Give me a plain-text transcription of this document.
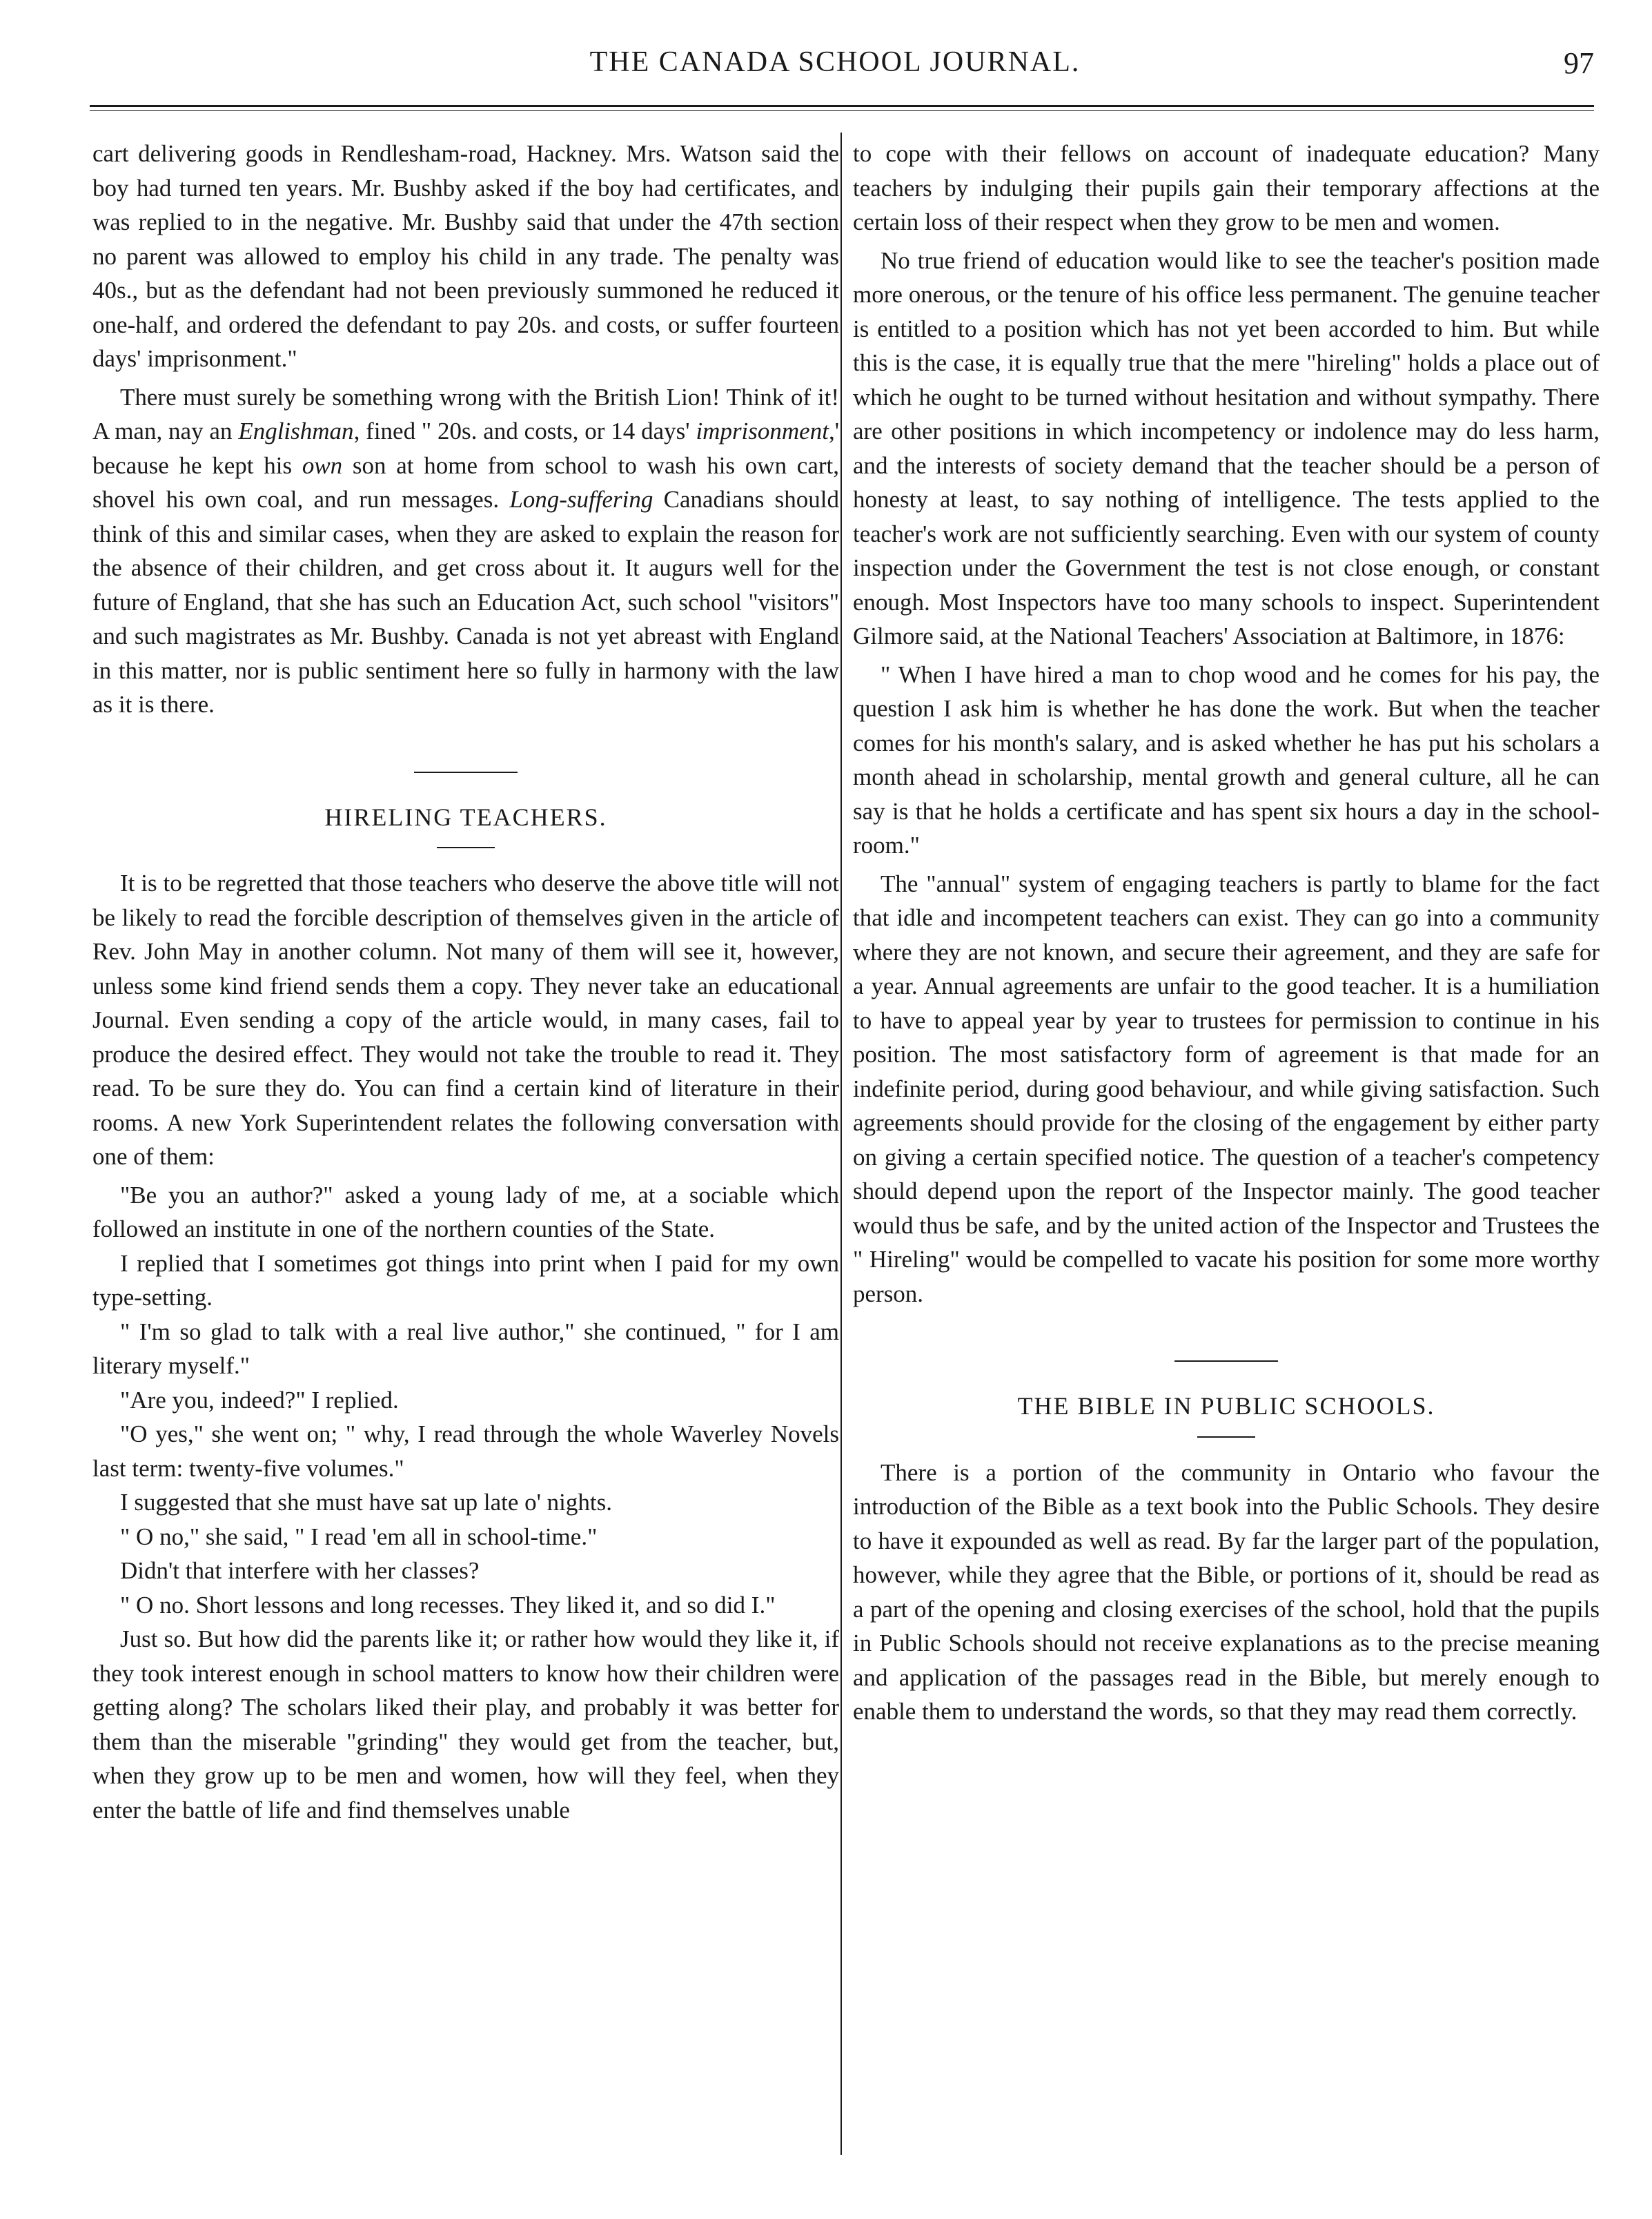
THE CANADA SCHOOL JOURNAL.	97

cart delivering goods in Rendlesham-road, Hackney. Mrs. Watson said the boy had turned ten years. Mr. Bushby asked if the boy had certificates, and was replied to in the negative. Mr. Bushby said that under the 47th section no parent was allowed to employ his child in any trade. The penalty was 40s., but as the defendant had not been previously summoned he reduced it one-half, and ordered the defendant to pay 20s. and costs, or suffer fourteen days' imprisonment."

There must surely be something wrong with the British Lion! Think of it! A man, nay an Englishman, fined " 20s. and costs, or 14 days' imprisonment,' because he kept his own son at home from school to wash his own cart, shovel his own coal, and run messages. Long-suffering Canadians should think of this and similar cases, when they are asked to explain the reason for the absence of their children, and get cross about it. It augurs well for the future of England, that she has such an Education Act, such school "visitors" and such magistrates as Mr. Bushby. Canada is not yet abreast with England in this matter, nor is public sentiment here so fully in harmony with the law as it is there.

HIRELING TEACHERS.

It is to be regretted that those teachers who deserve the above title will not be likely to read the forcible description of themselves given in the article of Rev. John May in another column. Not many of them will see it, however, unless some kind friend sends them a copy. They never take an educational Journal. Even sending a copy of the article would, in many cases, fail to produce the desired effect. They would not take the trouble to read it. They read. To be sure they do. You can find a certain kind of literature in their rooms. A new York Superintendent relates the following conversation with one of them:

"Be you an author?" asked a young lady of me, at a sociable which followed an institute in one of the northern counties of the State.

I replied that I sometimes got things into print when I paid for my own type-setting.

" I'm so glad to talk with a real live author," she continued, " for I am literary myself."

"Are you, indeed?" I replied.

"O yes," she went on; " why, I read through the whole Waverley Novels last term: twenty-five volumes."

I suggested that she must have sat up late o' nights.

" O no," she said, " I read 'em all in school-time."

Didn't that interfere with her classes?

" O no. Short lessons and long recesses. They liked it, and so did I."

Just so. But how did the parents like it; or rather how would they like it, if they took interest enough in school matters to know how their children were getting along? The scholars liked their play, and probably it was better for them than the miserable "grinding" they would get from the teacher, but, when they grow up to be men and women, how will they feel, when they enter the battle of life and find themselves unable

to cope with their fellows on account of inadequate education? Many teachers by indulging their pupils gain their temporary affections at the certain loss of their respect when they grow to be men and women.

No true friend of education would like to see the teacher's position made more onerous, or the tenure of his office less permanent. The genuine teacher is entitled to a position which has not yet been accorded to him. But while this is the case, it is equally true that the mere "hireling" holds a place out of which he ought to be turned without hesitation and without sympathy. There are other positions in which incompetency or indolence may do less harm, and the interests of society demand that the teacher should be a person of honesty at least, to say nothing of intelligence. The tests applied to the teacher's work are not sufficiently searching. Even with our system of county inspection under the Government the test is not close enough, or constant enough. Most Inspectors have too many schools to inspect. Superintendent Gilmore said, at the National Teachers' Association at Baltimore, in 1876:

" When I have hired a man to chop wood and he comes for his pay, the question I ask him is whether he has done the work. But when the teacher comes for his month's salary, and is asked whether he has put his scholars a month ahead in scholarship, mental growth and general culture, all he can say is that he holds a certificate and has spent six hours a day in the school-room."

The "annual" system of engaging teachers is partly to blame for the fact that idle and incompetent teachers can exist. They can go into a community where they are not known, and secure their agreement, and they are safe for a year. Annual agreements are unfair to the good teacher. It is a humiliation to have to appeal year by year to trustees for permission to continue in his position. The most satisfactory form of agreement is that made for an indefinite period, during good behaviour, and while giving satisfaction. Such agreements should provide for the closing of the engagement by either party on giving a certain specified notice. The question of a teacher's competency should depend upon the report of the Inspector mainly. The good teacher would thus be safe, and by the united action of the Inspector and Trustees the " Hireling" would be compelled to vacate his position for some more worthy person.

THE BIBLE IN PUBLIC SCHOOLS.

There is a portion of the community in Ontario who favour the introduction of the Bible as a text book into the Public Schools. They desire to have it expounded as well as read. By far the larger part of the population, however, while they agree that the Bible, or portions of it, should be read as a part of the opening and closing exercises of the school, hold that the pupils in Public Schools should not receive explanations as to the precise meaning and application of the passages read in the Bible, but merely enough to enable them to understand the words, so that they may read them correctly.
